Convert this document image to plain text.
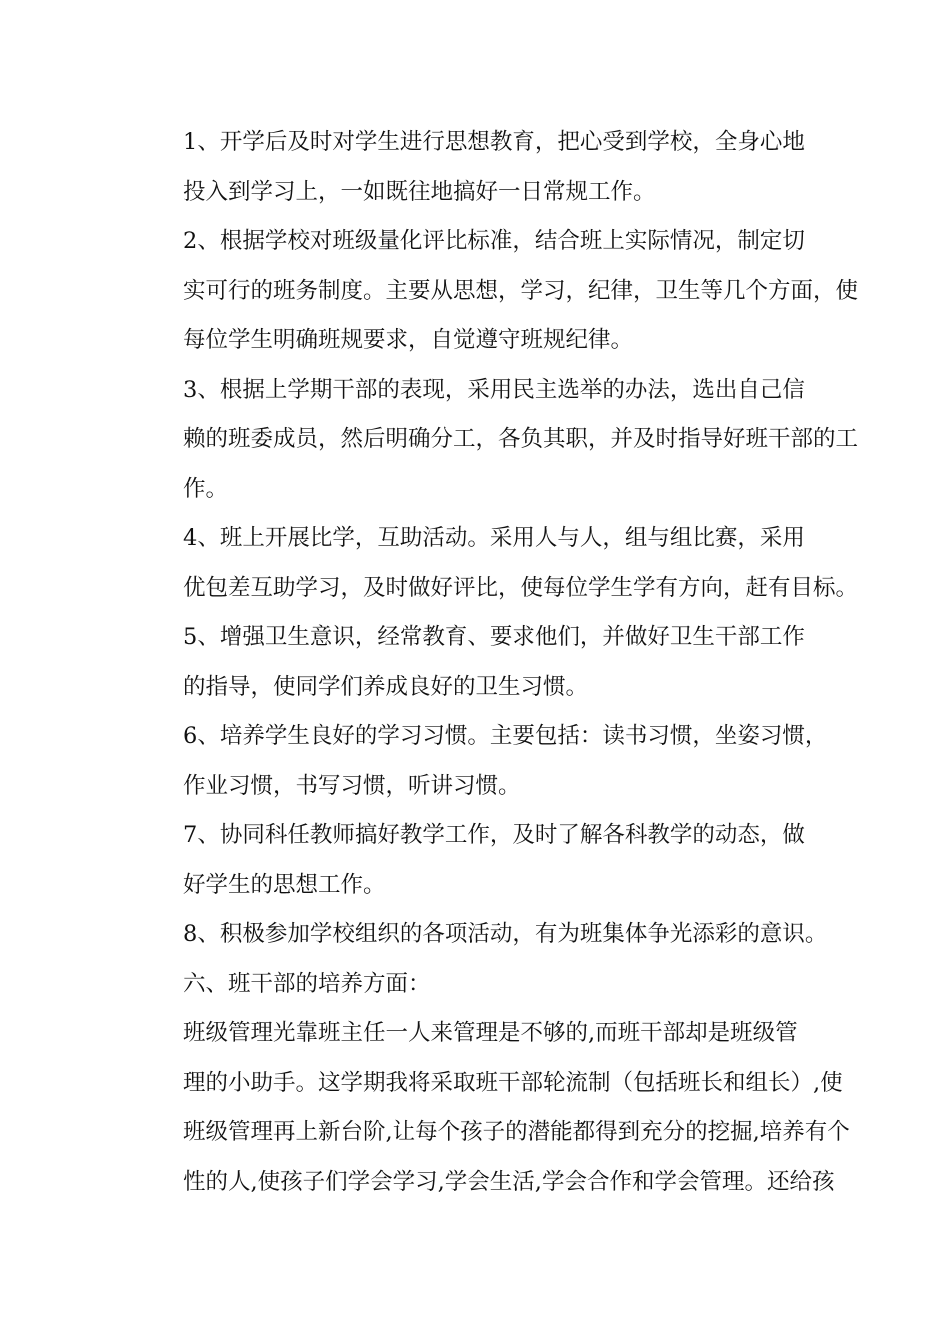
1、开学后及时对学生进行思想教育，把心受到学校，全身心地
投入到学习上，一如既往地搞好一日常规工作。

2、根据学校对班级量化评比标准，结合班上实际情况，制定切
实可行的班务制度。主要从思想，学习，纪律，卫生等几个方面，使
每位学生明确班规要求，自觉遵守班规纪律。

3、根据上学期干部的表现，采用民主选举的办法，选出自己信
赖的班委成员，然后明确分工，各负其职，并及时指导好班干部的工
作。

4、班上开展比学，互助活动。采用人与人，组与组比赛，采用
优包差互助学习，及时做好评比，使每位学生学有方向，赶有目标。

5、增强卫生意识，经常教育、要求他们，并做好卫生干部工作
的指导，使同学们养成良好的卫生习惯。

6、培养学生良好的学习习惯。主要包括：读书习惯，坐姿习惯，
作业习惯，书写习惯，听讲习惯。

7、协同科任教师搞好教学工作，及时了解各科教学的动态，做
好学生的思想工作。

8、积极参加学校组织的各项活动，有为班集体争光添彩的意识。

六、班干部的培养方面：

班级管理光靠班主任一人来管理是不够的,而班干部却是班级管
理的小助手。这学期我将采取班干部轮流制（包括班长和组长）,使
班级管理再上新台阶,让每个孩子的潜能都得到充分的挖掘,培养有个
性的人,使孩子们学会学习,学会生活,学会合作和学会管理。还给孩
